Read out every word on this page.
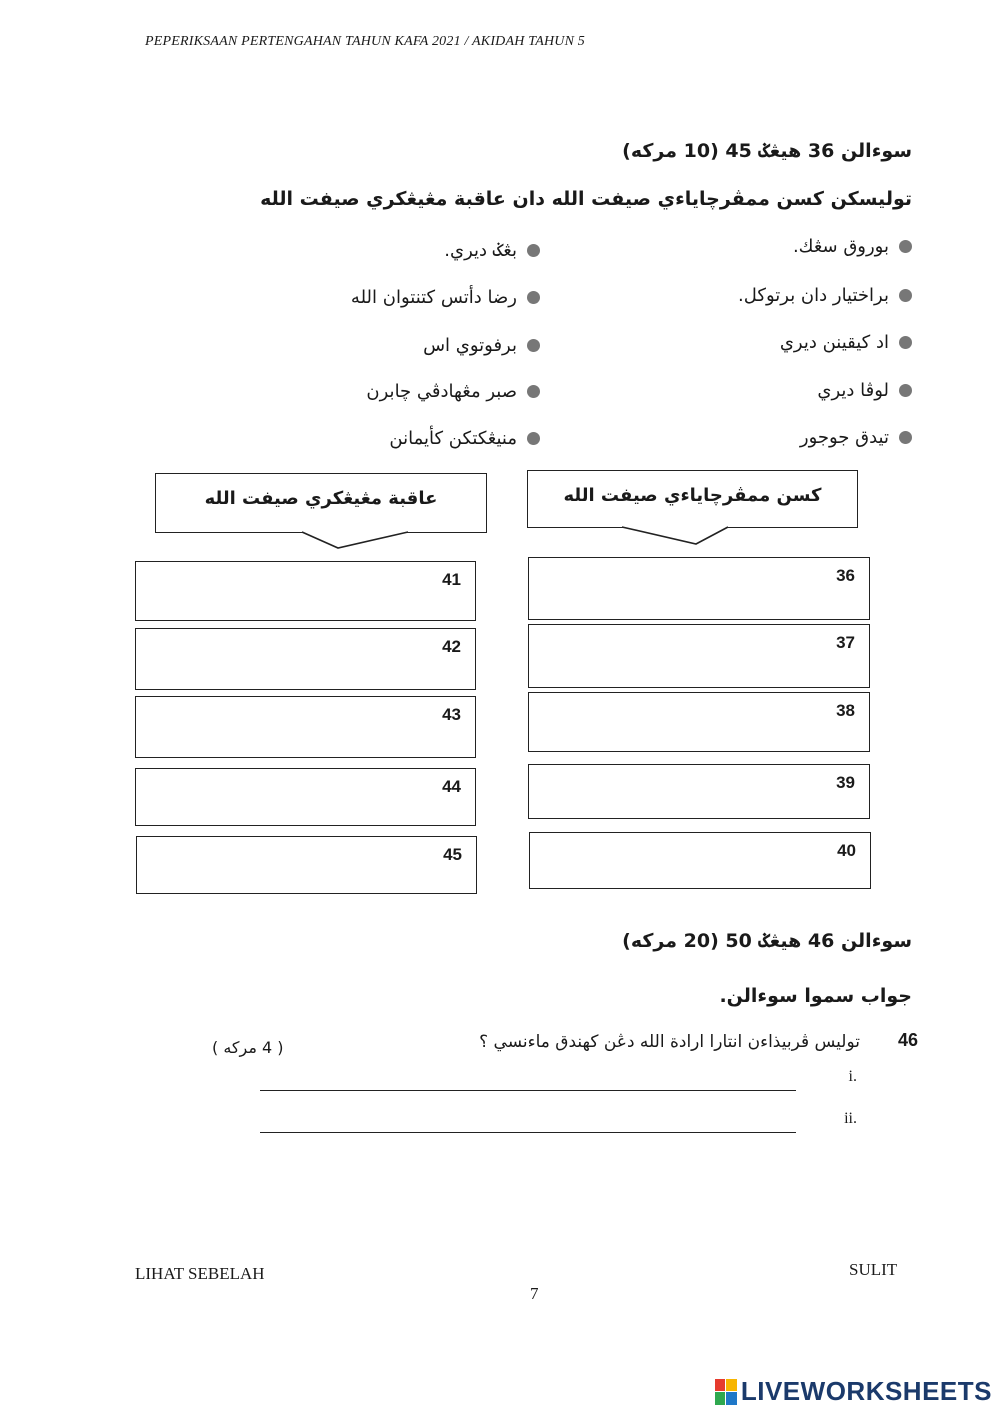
PEPERIKSAAN PERTENGAHAN TAHUN KAFA 2021 / AKIDAH TAHUN 5
سوءالن 36 هيڠݢ 45 (10 مركه)
توليسكن كسن ممڤرچاياءي صيفت الله دان عاقبة مڠيڠكري صيفت الله
بوروق سڠك.
براختيار دان برتوكل.
اد كيقينن ديري
لوڤا ديري
تيدق جوجور
بڠݢ ديري.
رضا دأتس كتنتوان الله
برفوتوي اس
صبر مڠهادڤي چابرن
منيڠكتكن كأيمانن
عاقبة مڠيڠكري صيفت الله	كسن ممڤرچاياءي صيفت الله
41
42
43
44
45
36
37
38
39
40
سوءالن 46 هيڠݢ 50 (20 مركه)
جواب سموا سوءالن.
46
توليس ڤربيذاءن انتارا ارادة الله دڠن كهندق ماءنسي ؟
( 4 مركه )
i.
ii.
LIHAT SEBELAH	SULIT
7
LIVEWORKSHEETS
